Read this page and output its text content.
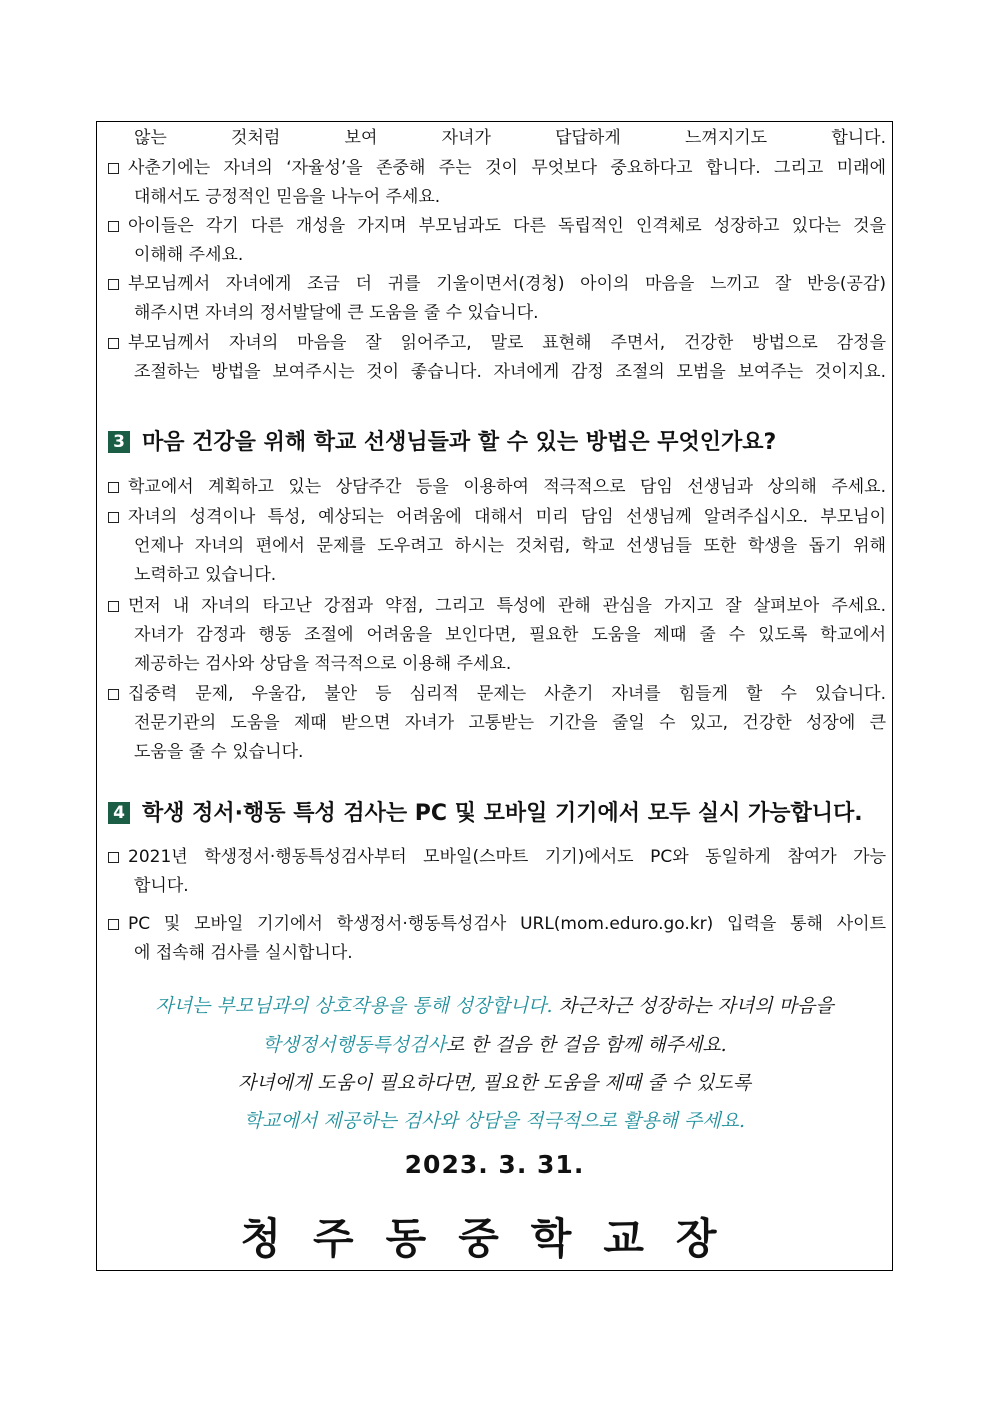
않는 것처럼 보여 자녀가 답답하게 느껴지기도 합니다.
사춘기에는 자녀의 ‘자율성’을 존중해 주는 것이 무엇보다 중요하다고 합니다. 그리고 미래에
대해서도 긍정적인 믿음을 나누어 주세요.
아이들은 각기 다른 개성을 가지며 부모님과도 다른 독립적인 인격체로 성장하고 있다는 것을
이해해 주세요.
부모님께서 자녀에게 조금 더 귀를 기울이면서(경청) 아이의 마음을 느끼고 잘 반응(공감)
해주시면 자녀의 정서발달에 큰 도움을 줄 수 있습니다.
부모님께서 자녀의 마음을 잘 읽어주고, 말로 표현해 주면서, 건강한 방법으로 감정을
조절하는 방법을 보여주시는 것이 좋습니다. 자녀에게 감정 조절의 모범을 보여주는 것이지요.
3 마음 건강을 위해 학교 선생님들과 할 수 있는 방법은 무엇인가요?
학교에서 계획하고 있는 상담주간 등을 이용하여 적극적으로 담임 선생님과 상의해 주세요.
자녀의 성격이나 특성, 예상되는 어려움에 대해서 미리 담임 선생님께 알려주십시오. 부모님이
언제나 자녀의 편에서 문제를 도우려고 하시는 것처럼, 학교 선생님들 또한 학생을 돕기 위해
노력하고 있습니다.
먼저 내 자녀의 타고난 강점과 약점, 그리고 특성에 관해 관심을 가지고 잘 살펴보아 주세요.
자녀가 감정과 행동 조절에 어려움을 보인다면, 필요한 도움을 제때 줄 수 있도록 학교에서
제공하는 검사와 상담을 적극적으로 이용해 주세요.
집중력 문제, 우울감, 불안 등 심리적 문제는 사춘기 자녀를 힘들게 할 수 있습니다.
전문기관의 도움을 제때 받으면 자녀가 고통받는 기간을 줄일 수 있고, 건강한 성장에 큰
도움을 줄 수 있습니다.
4 학생 정서·행동 특성 검사는 PC 및 모바일 기기에서 모두 실시 가능합니다.
2021년 학생정서·행동특성검사부터 모바일(스마트 기기)에서도 PC와 동일하게 참여가 가능
합니다.
PC 및 모바일 기기에서 학생정서·행동특성검사 URL(mom.eduro.go.kr) 입력을 통해 사이트
에 접속해 검사를 실시합니다.
자녀는 부모님과의 상호작용을 통해 성장합니다. 차근차근 성장하는 자녀의 마음을
학생정서행동특성검사로 한 걸음 한 걸음 함께 해주세요.
자녀에게 도움이 필요하다면, 필요한 도움을 제때 줄 수 있도록
학교에서 제공하는 검사와 상담을 적극적으로 활용해 주세요.
2023. 3. 31.
청주동중학교장
